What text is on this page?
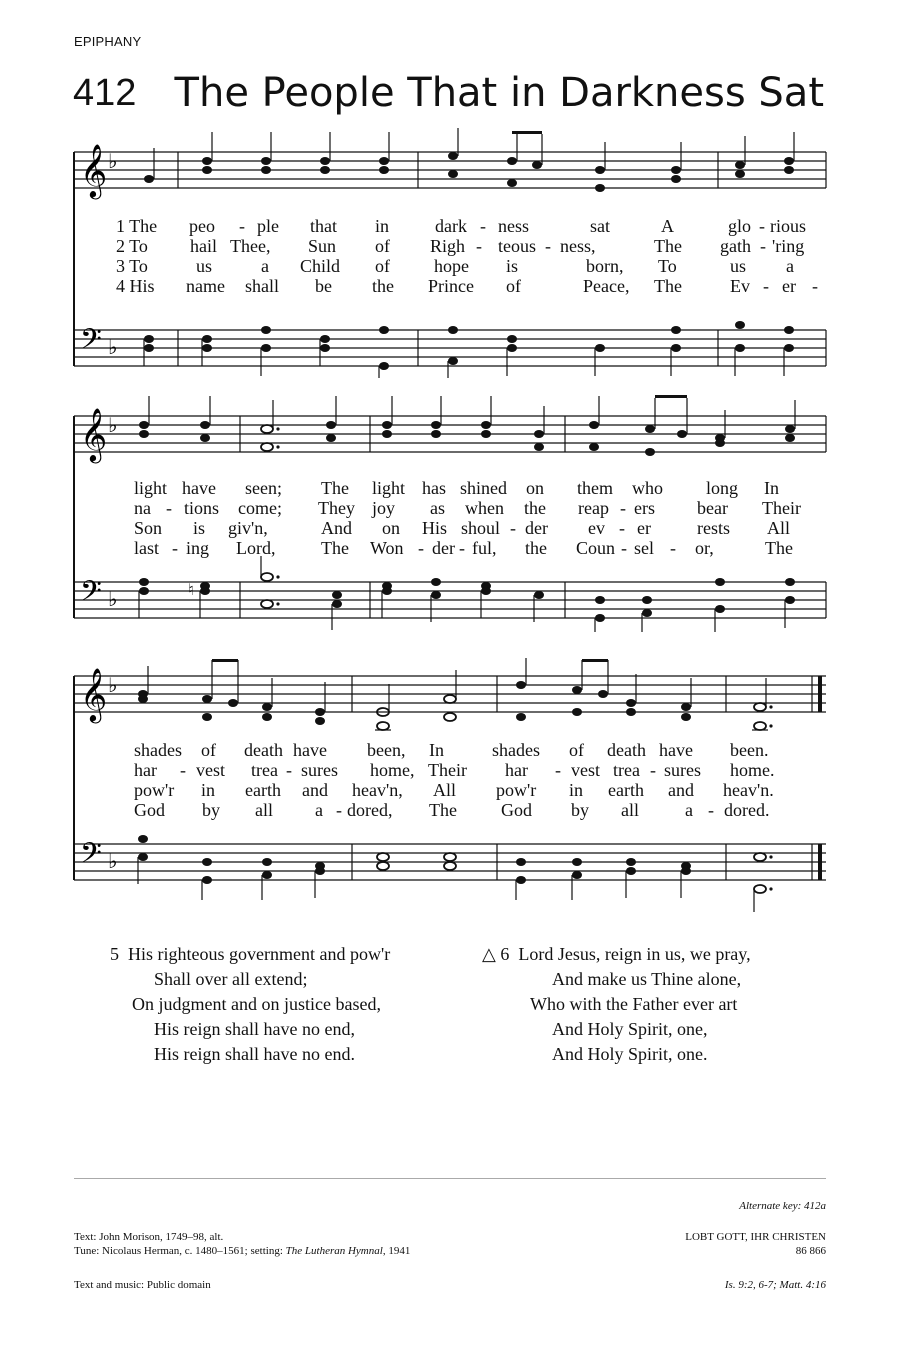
EPIPHANY
412 The People That in Darkness Sat
𝄞
𝄢
♭
♭
1 The peo - ple that in	dark - ness	sat	A	glo - rious
2 To hail Thee, Sun of Righ - teous - ness,	The gath - 'ring
3 To	us	a Child of hope is	born, To	us a
4 His name shall be the Prince of	Peace, The	Ev - er -
𝄞
𝄢
♭
♭	♮
light have seen; The light has shined on them who long In
na - tions come; They joy as when the reap - ers bear Their
Son is giv'n,	And on His shoul - der ev - er	rests All
last - ing Lord,	The Won - der - ful, the Coun - sel - or,	The
𝄞
𝄢
♭
♭
shades of death have been, In	shades of death have been.
har - vest trea - sures home, Their har - vest trea - sures home.
pow'r in earth and heav'n, All pow'r in earth and heav'n.
God by all a - dored, The God by all	a - dored.
5 His righteous government and pow'r
Shall over all extend;
On judgment and on justice based,
His reign shall have no end,
His reign shall have no end.
△ 6 Lord Jesus, reign in us, we pray,
And make us Thine alone,
Who with the Father ever art
And Holy Spirit, one,
And Holy Spirit, one.
Alternate key: 412a
Text: John Morison, 1749–98, alt.
Tune: Nicolaus Herman, c. 1480–1561; setting: The Lutheran Hymnal, 1941
LOBT GOTT, IHR CHRISTEN
86 866
Text and music: Public domain	Is. 9:2, 6-7; Matt. 4:16
